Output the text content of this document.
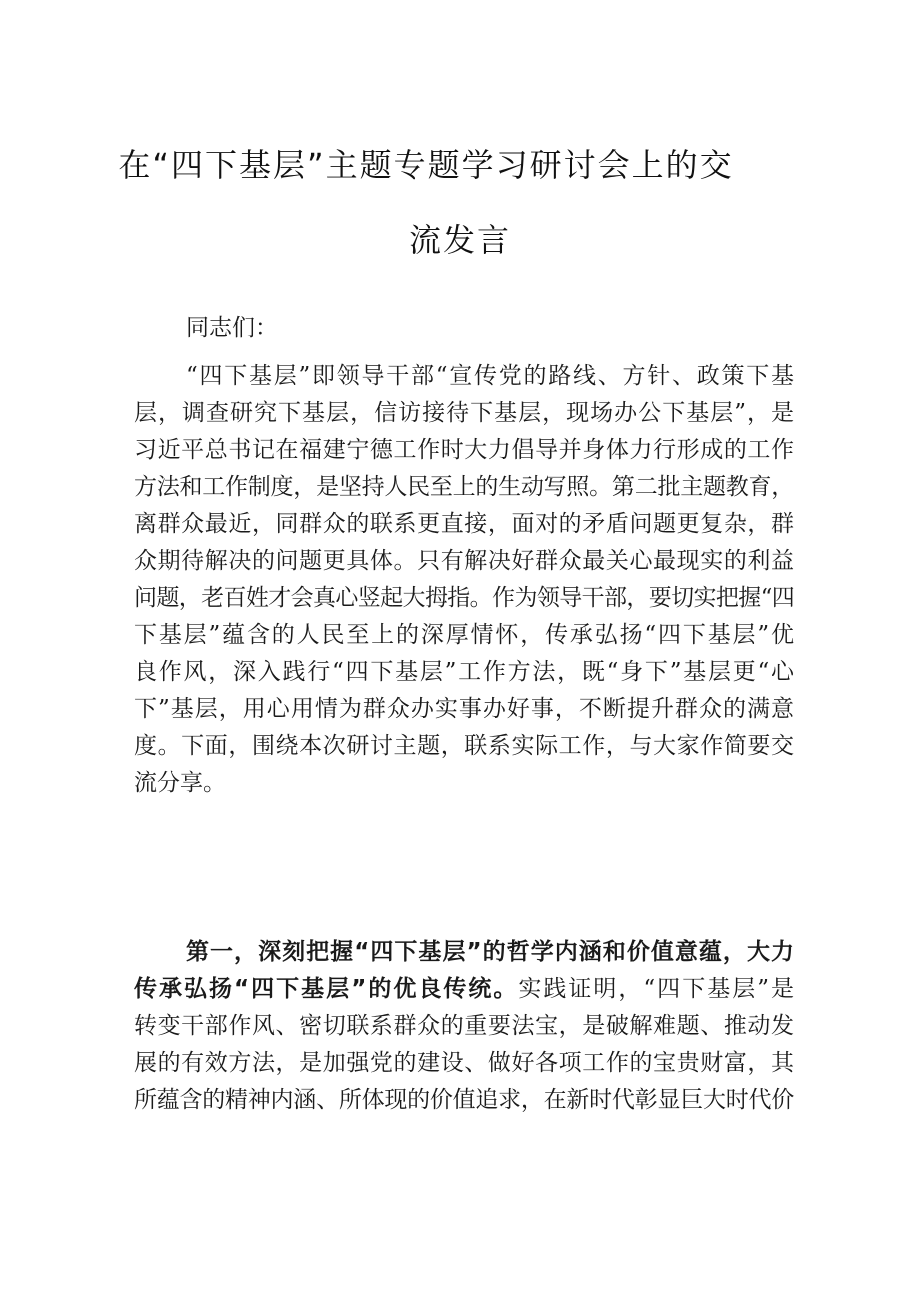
在“四下基层”主题专题学习研讨会上的交
流发言
同志们：
“四下基层”即领导干部“宣传党的路线、方针、政策下基
层，调查研究下基层，信访接待下基层，现场办公下基层”，是
习近平总书记在福建宁德工作时大力倡导并身体力行形成的工作
方法和工作制度，是坚持人民至上的生动写照。第二批主题教育，
离群众最近，同群众的联系更直接，面对的矛盾问题更复杂，群
众期待解决的问题更具体。只有解决好群众最关心最现实的利益
问题，老百姓才会真心竖起大拇指。作为领导干部，要切实把握“四
下基层”蕴含的人民至上的深厚情怀，传承弘扬“四下基层”优
良作风，深入践行“四下基层”工作方法，既“身下”基层更“心
下”基层，用心用情为群众办实事办好事，不断提升群众的满意
度。下面，围绕本次研讨主题，联系实际工作，与大家作简要交
流分享。
第一，深刻把握“四下基层”的哲学内涵和价值意蕴，大力
传承弘扬“四下基层”的优良传统。实践证明，“四下基层”是
转变干部作风、密切联系群众的重要法宝，是破解难题、推动发
展的有效方法，是加强党的建设、做好各项工作的宝贵财富，其
所蕴含的精神内涵、所体现的价值追求，在新时代彰显巨大时代价
